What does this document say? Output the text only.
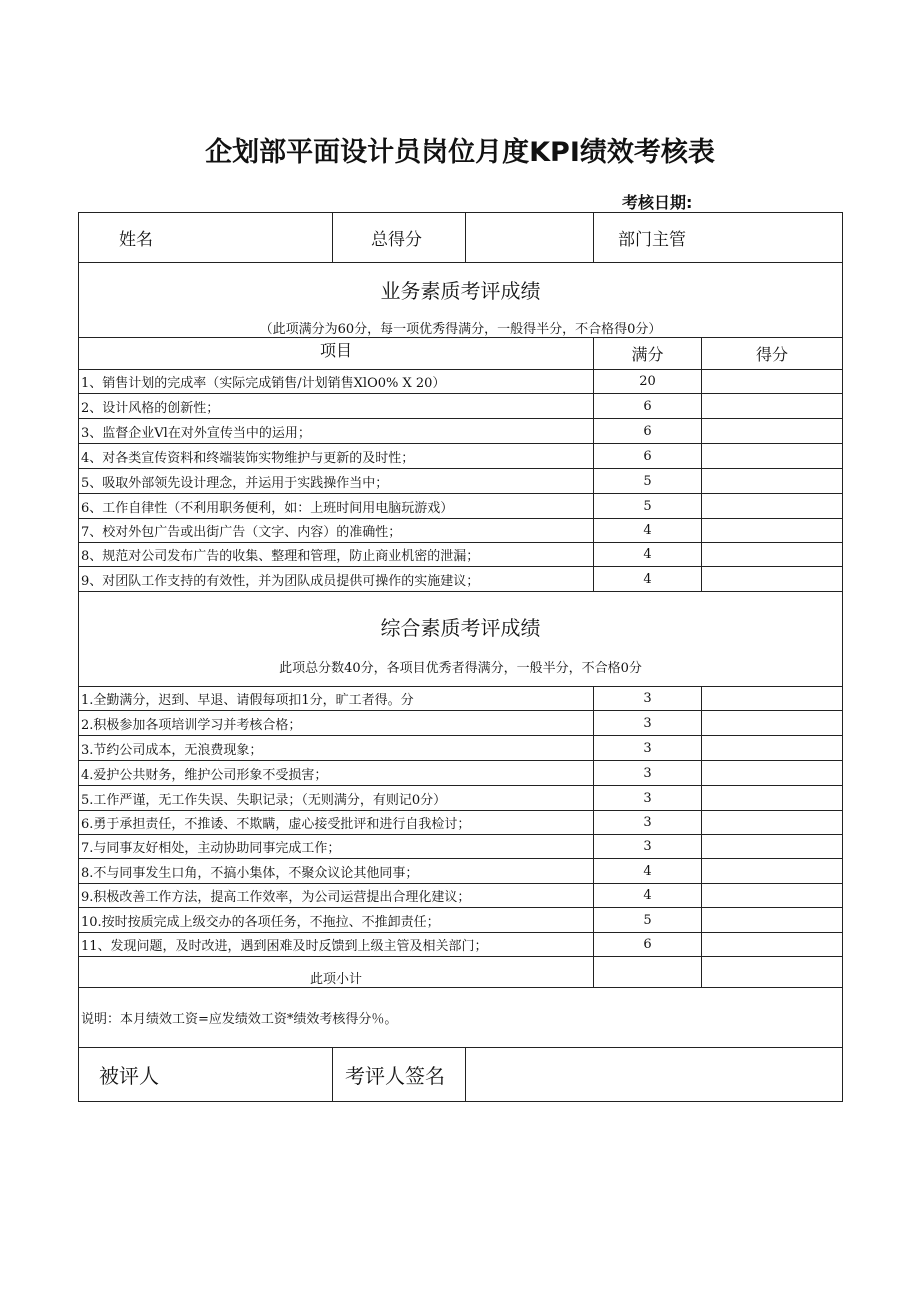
企划部平面设计员岗位月度KPI绩效考核表
考核日期:
姓名	总得分		部门主管	

业务素质考评成绩
（此项满分为60分，每一项优秀得满分，一般得半分，不合格得0分）				

项目			满分	得分
1、销售计划的完成率（实际完成销售/计划销售XlO0% X 20）			20	
2、设计风格的创新性；			6	
3、监督企业Vl在对外宣传当中的运用；			6	
4、对各类宣传资料和终端装饰实物维护与更新的及时性；			6	
5、吸取外部领先设计理念，并运用于实践操作当中；			5	
6、工作自律性（不利用职务便利，如：上班时间用电脑玩游戏）			5	
7、校对外包广告或出街广告（文字、内容）的准确性；			4	
8、规范对公司发布广告的收集、整理和管理，防止商业机密的泄漏；			4	
9、对团队工作支持的有效性，并为团队成员提供可操作的实施建议；			4	

综合素质考评成绩
此项总分数40分，各项目优秀者得满分，一般半分，不合格0分				

1.全勤满分，迟到、早退、请假每项扣1分，旷工者得。分			3	
2.积极参加各项培训学习并考核合格；			3	
3.节约公司成本，无浪费现象；			3	
4.爱护公共财务，维护公司形象不受损害；			3	
5.工作严谨，无工作失误、失职记录；（无则满分，有则记0分）			3	
6.勇于承担责任，不推诿、不欺瞒，虚心接受批评和进行自我检讨；			3	
7.与同事友好相处，主动协助同事完成工作；			3	
8.不与同事发生口角，不搞小集体，不聚众议论其他同事；			4	
9.积极改善工作方法，提高工作效率，为公司运营提出合理化建议；			4	
10.按时按质完成上级交办的各项任务，不拖拉、不推卸责任；			5	
11、发现问题，及时改进，遇到困难及时反馈到上级主管及相关部门；			6	
此项小计				
说明：本月绩效工资=应发绩效工资*绩效考核得分％。				
被评人	考评人签名			
